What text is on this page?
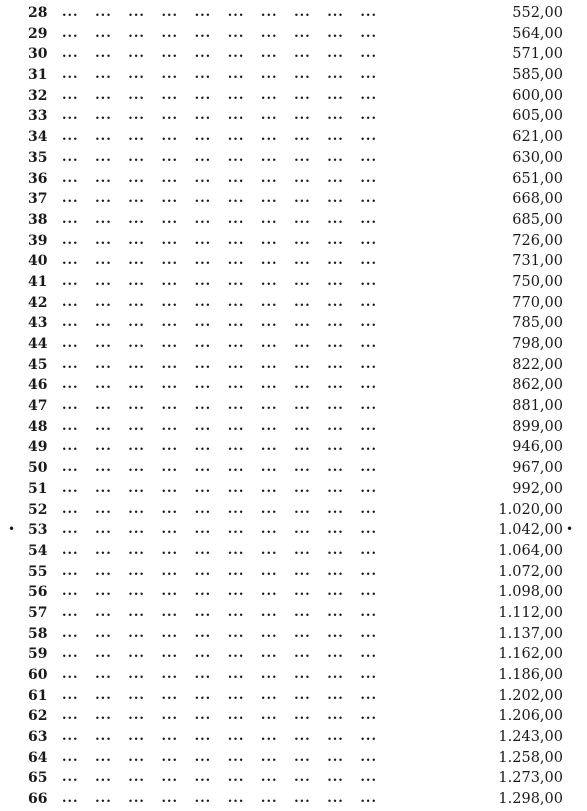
28	...   ...   ...   ...   ...   ...   ...   ...   ...   ...	552,00
29	...   ...   ...   ...   ...   ...   ...   ...   ...   ...	564,00
30	...   ...   ...   ...   ...   ...   ...   ...   ...   ...	571,00
31	...   ...   ...   ...   ...   ...   ...   ...   ...   ...	585,00
32	...   ...   ...   ...   ...   ...   ...   ...   ...   ...	600,00
33	...   ...   ...   ...   ...   ...   ...   ...   ...   ...	605,00
34	...   ...   ...   ...   ...   ...   ...   ...   ...   ...	621,00
35	...   ...   ...   ...   ...   ...   ...   ...   ...   ...	630,00
36	...   ...   ...   ...   ...   ...   ...   ...   ...   ...	651,00
37	...   ...   ...   ...   ...   ...   ...   ...   ...   ...	668,00
38	...   ...   ...   ...   ...   ...   ...   ...   ...   ...	685,00
39	...   ...   ...   ...   ...   ...   ...   ...   ...   ...	726,00
40	...   ...   ...   ...   ...   ...   ...   ...   ...   ...	731,00
41	...   ...   ...   ...   ...   ...   ...   ...   ...   ...	750,00
42	...   ...   ...   ...   ...   ...   ...   ...   ...   ...	770,00
43	...   ...   ...   ...   ...   ...   ...   ...   ...   ...	785,00
44	...   ...   ...   ...   ...   ...   ...   ...   ...   ...	798,00
45	...   ...   ...   ...   ...   ...   ...   ...   ...   ...	822,00
46	...   ...   ...   ...   ...   ...   ...   ...   ...   ...	862,00
47	...   ...   ...   ...   ...   ...   ...   ...   ...   ...	881,00
48	...   ...   ...   ...   ...   ...   ...   ...   ...   ...	899,00
49	...   ...   ...   ...   ...   ...   ...   ...   ...   ...	946,00
50	...   ...   ...   ...   ...   ...   ...   ...   ...   ...	967,00
51	...   ...   ...   ...   ...   ...   ...   ...   ...   ...	992,00
52	...   ...   ...   ...   ...   ...   ...   ...   ...   ...	1.020,00
• 53	...   ...   ...   ...   ...   ...   ...   ...   ...   ...	1.042,00 •
54	...   ...   ...   ...   ...   ...   ...   ...   ...   ...	1.064,00
55	...   ...   ...   ...   ...   ...   ...   ...   ...   ...	1.072,00
56	...   ...   ...   ...   ...   ...   ...   ...   ...   ...	1.098,00
57	...   ...   ...   ...   ...   ...   ...   ...   ...   ...	1.112,00
58	...   ...   ...   ...   ...   ...   ...   ...   ...   ...	1.137,00
59	...   ...   ...   ...   ...   ...   ...   ...   ...   ...	1.162,00
60	...   ...   ...   ...   ...   ...   ...   ...   ...   ...	1.186,00
61	...   ...   ...   ...   ...   ...   ...   ...   ...   ...	1.202,00
62	...   ...   ...   ...   ...   ...   ...   ...   ...   ...	1.206,00
63	...   ...   ...   ...   ...   ...   ...   ...   ...   ...	1.243,00
64	...   ...   ...   ...   ...   ...   ...   ...   ...   ...	1.258,00
65	...   ...   ...   ...   ...   ...   ...   ...   ...   ...	1.273,00
66	...   ...   ...   ...   ...   ...   ...   ...   ...   ...	1.298,00
